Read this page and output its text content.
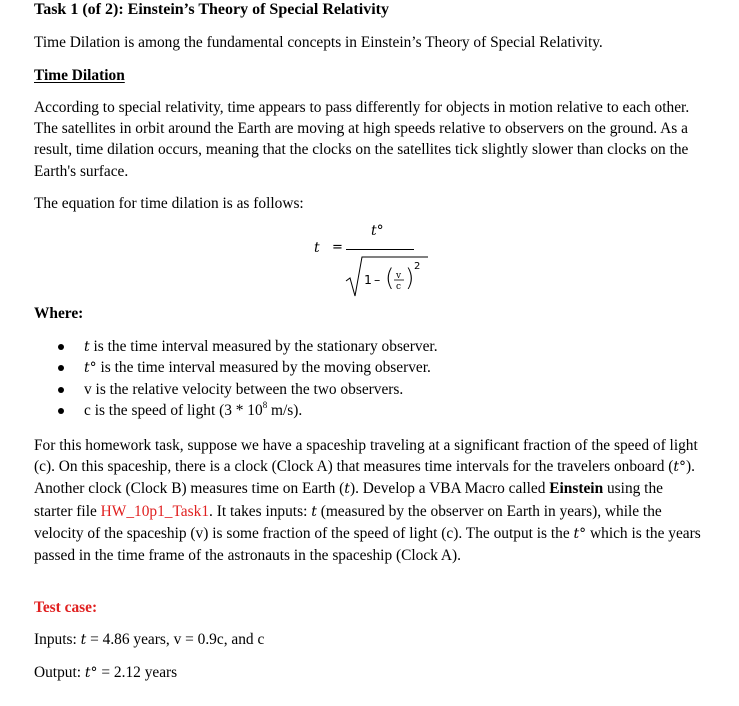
Task 1 (of 2): Einstein’s Theory of Special Relativity
Time Dilation is among the fundamental concepts in Einstein’s Theory of Special Relativity.
Time Dilation
According to special relativity, time appears to pass differently for objects in motion relative to each other. The satellites in orbit around the Earth are moving at high speeds relative to observers on the ground. As a result, time dilation occurs, meaning that the clocks on the satellites tick slightly slower than clocks on the Earth's surface.
The equation for time dilation is as follows:
t =
t°
1 – ( v
c ) 2
Where:
t is the time interval measured by the stationary observer.
t° is the time interval measured by the moving observer.
v is the relative velocity between the two observers.
c is the speed of light ($3 * 10^8$ m/s).
For this homework task, suppose we have a spaceship traveling at a significant fraction of the speed of light (c). On this spaceship, there is a clock (Clock A) that measures time intervals for the travelers onboard (t°). Another clock (Clock B) measures time on Earth (t). Develop a VBA Macro called Einstein using the starter file HW_10p1_Task1. It takes inputs: t (measured by the observer on Earth in years), while the velocity of the spaceship (v) is some fraction of the speed of light (c). The output is the t° which is the years passed in the time frame of the astronauts in the spaceship (Clock A).
Test case:
Inputs: t = 4.86 years, v = 0.9c, and c
Output: t° = 2.12 years
